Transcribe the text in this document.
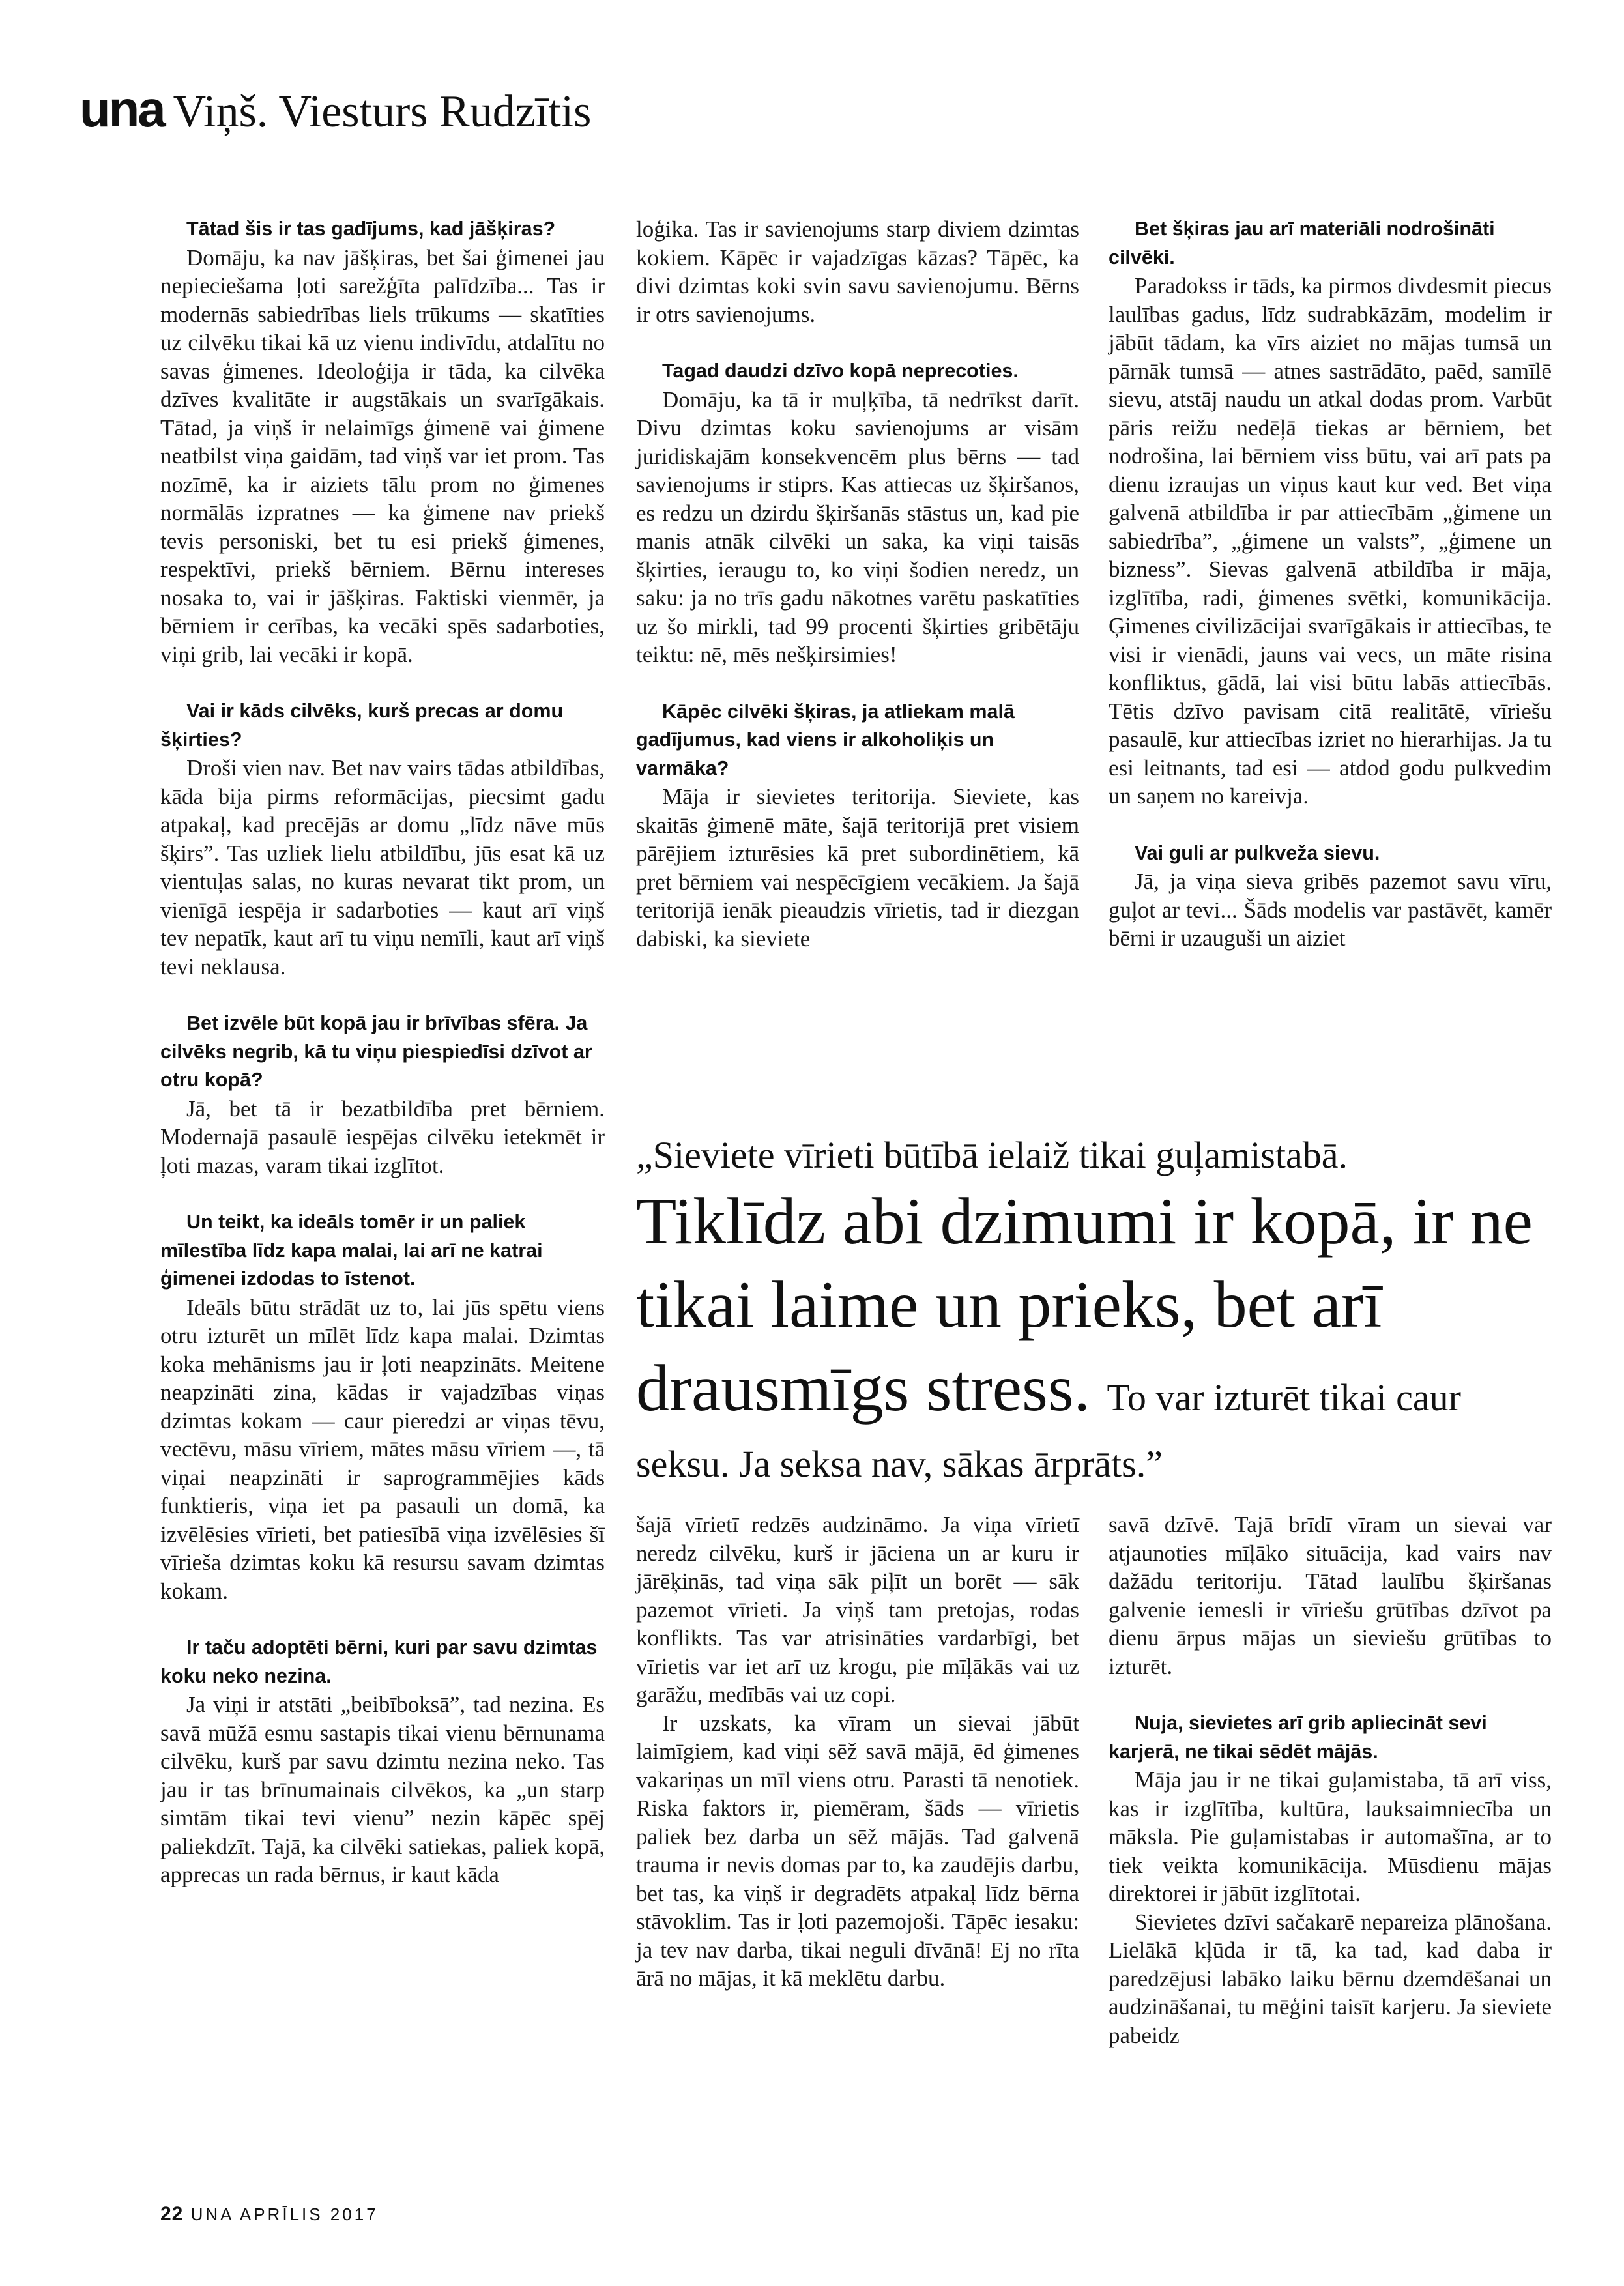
una Viņš. Viesturs Rudzītis
Tātad šis ir tas gadījums, kad jāšķiras?

Domāju, ka nav jāšķiras, bet šai ģimenei jau nepieciešama ļoti sarežģīta palīdzība... Tas ir modernās sabiedrības liels trūkums — skatīties uz cilvēku tikai kā uz vienu indivīdu, atdalītu no savas ģimenes. Ideoloģija ir tāda, ka cilvēka dzīves kvalitāte ir augstākais un svarīgākais. Tātad, ja viņš ir nelaimīgs ģimenē vai ģimene neatbilst viņa gaidām, tad viņš var iet prom. Tas nozīmē, ka ir aiziets tālu prom no ģimenes normālās izpratnes — ka ģimene nav priekš tevis personiski, bet tu esi priekš ģimenes, respektīvi, priekš bērniem. Bērnu intereses nosaka to, vai ir jāšķiras. Faktiski vienmēr, ja bērniem ir cerības, ka vecāki spēs sadarboties, viņi grib, lai vecāki ir kopā.

Vai ir kāds cilvēks, kurš precas ar domu šķirties?

Droši vien nav. Bet nav vairs tādas atbildības, kāda bija pirms reformācijas, piecsimt gadu atpakaļ, kad precējās ar domu „līdz nāve mūs šķirs”. Tas uzliek lielu atbildību, jūs esat kā uz vientuļas salas, no kuras nevarat tikt prom, un vienīgā iespēja ir sadarboties — kaut arī viņš tev nepatīk, kaut arī tu viņu nemīli, kaut arī viņš tevi neklausa.

Bet izvēle būt kopā jau ir brīvības sfēra. Ja cilvēks negrib, kā tu viņu piespiedīsi dzīvot ar otru kopā?

Jā, bet tā ir bezatbildība pret bērniem. Modernajā pasaulē iespējas cilvēku ietekmēt ir ļoti mazas, varam tikai izglītot.

Un teikt, ka ideāls tomēr ir un paliek mīlestība līdz kapa malai, lai arī ne katrai ģimenei izdodas to īstenot.

Ideāls būtu strādāt uz to, lai jūs spētu viens otru izturēt un mīlēt līdz kapa malai. Dzimtas koka mehānisms jau ir ļoti neapzināts. Meitene neapzināti zina, kādas ir vajadzības viņas dzimtas kokam — caur pieredzi ar viņas tēvu, vectēvu, māsu vīriem, mātes māsu vīriem —, tā viņai neapzināti ir saprogrammējies kāds funktieris, viņa iet pa pasauli un domā, ka izvēlēsies vīrieti, bet patiesībā viņa izvēlēsies šī vīrieša dzimtas koku kā resursu savam dzimtas kokam.

Ir taču adoptēti bērni, kuri par savu dzimtas koku neko nezina.

Ja viņi ir atstāti „beibīboksā”, tad nezina. Es savā mūžā esmu sastapis tikai vienu bērnunama cilvēku, kurš par savu dzimtu nezina neko. Tas jau ir tas brīnumainais cilvēkos, ka „un starp simtām tikai tevi vienu” nezin kāpēc spēj paliekdzīt. Tajā, ka cilvēki satiekas, paliek kopā, apprecas un rada bērnus, ir kaut kāda

loģika. Tas ir savienojums starp diviem dzimtas kokiem. Kāpēc ir vajadzīgas kāzas? Tāpēc, ka divi dzimtas koki svin savu savienojumu. Bērns ir otrs savienojums.

Tagad daudzi dzīvo kopā neprecoties.

Domāju, ka tā ir muļķība, tā nedrīkst darīt. Divu dzimtas koku savienojums ar visām juridiskajām konsekvencēm plus bērns — tad savienojums ir stiprs. Kas attiecas uz šķiršanos, es redzu un dzirdu šķiršanās stāstus un, kad pie manis atnāk cilvēki un saka, ka viņi taisās šķirties, ieraugu to, ko viņi šodien neredz, un saku: ja no trīs gadu nākotnes varētu paskatīties uz šo mirkli, tad 99 procenti šķirties gribētāju teiktu: nē, mēs nešķirsimies!

Kāpēc cilvēki šķiras, ja atliekam malā gadījumus, kad viens ir alkoholiķis un varmāka?

Māja ir sievietes teritorija. Sieviete, kas skaitās ģimenē māte, šajā teritorijā pret visiem pārējiem izturēsies kā pret subordinētiem, kā pret bērniem vai nespēcīgiem vecākiem. Ja šajā teritorijā ienāk pieaudzis vīrietis, tad ir diezgan dabiski, ka sieviete

Bet šķiras jau arī materiāli nodrošināti cilvēki.

Paradokss ir tāds, ka pirmos divdesmit piecus laulības gadus, līdz sudrabkāzām, modelim ir jābūt tādam, ka vīrs aiziet no mājas tumsā un pārnāk tumsā — atnes sastrādāto, paēd, samīlē sievu, atstāj naudu un atkal dodas prom. Varbūt pāris reižu nedēļā tiekas ar bērniem, bet nodrošina, lai bērniem viss būtu, vai arī pats pa dienu izraujas un viņus kaut kur ved. Bet viņa galvenā atbildība ir par attiecībām „ģimene un sabiedrība”, „ģimene un valsts”, „ģimene un bizness”. Sievas galvenā atbildība ir māja, izglītība, radi, ģimenes svētki, komunikācija. Ģimenes civilizācijai svarīgākais ir attiecības, te visi ir vienādi, jauns vai vecs, un māte risina konfliktus, gādā, lai visi būtu labās attiecībās. Tētis dzīvo pavisam citā realitātē, vīriešu pasaulē, kur attiecības izriet no hierarhijas. Ja tu esi leitnants, tad esi — atdod godu pulkvedim un saņem no kareivja.

Vai guli ar pulkveža sievu.

Jā, ja viņa sieva gribēs pazemot savu vīru, guļot ar tevi... Šāds modelis var pastāvēt, kamēr bērni ir uzauguši un aiziet

„Sieviete vīrieti būtībā ielaiž tikai guļamistabā.
Tiklīdz abi dzimumi ir kopā, ir ne
tikai laime un prieks, bet arī
drausmīgs stress. To var izturēt tikai caur
seksu. Ja seksa nav, sākas ārprāts.”

šajā vīrietī redzēs audzināmo. Ja viņa vīrietī neredz cilvēku, kurš ir jāciena un ar kuru ir jārēķinās, tad viņa sāk piļīt un borēt — sāk pazemot vīrieti. Ja viņš tam pretojas, rodas konflikts. Tas var atrisināties vardarbīgi, bet vīrietis var iet arī uz krogu, pie mīļākās vai uz garāžu, medībās vai uz copi.

Ir uzskats, ka vīram un sievai jābūt laimīgiem, kad viņi sēž savā mājā, ēd ģimenes vakariņas un mīl viens otru. Parasti tā nenotiek. Riska faktors ir, piemēram, šāds — vīrietis paliek bez darba un sēž mājās. Tad galvenā trauma ir nevis domas par to, ka zaudējis darbu, bet tas, ka viņš ir degradēts atpakaļ līdz bērna stāvoklim. Tas ir ļoti pazemojoši. Tāpēc iesaku: ja tev nav darba, tikai neguli dīvānā! Ej no rīta ārā no mājas, it kā meklētu darbu.

savā dzīvē. Tajā brīdī vīram un sievai var atjaunoties mīļāko situācija, kad vairs nav dažādu teritoriju. Tātad laulību šķiršanas galvenie iemesli ir vīriešu grūtības dzīvot pa dienu ārpus mājas un sieviešu grūtības to izturēt.

Nuja, sievietes arī grib apliecināt sevi karjerā, ne tikai sēdēt mājās.

Māja jau ir ne tikai guļamistaba, tā arī viss, kas ir izglītība, kultūra, lauksaimniecība un māksla. Pie guļamistabas ir automašīna, ar to tiek veikta komunikācija. Mūsdienu mājas direktorei ir jābūt izglītotai.

Sievietes dzīvi sačakarē nepareiza plānošana. Lielākā kļūda ir tā, ka tad, kad daba ir paredzējusi labāko laiku bērnu dzemdēšanai un audzināšanai, tu mēģini taisīt karjeru. Ja sieviete pabeidz

22 UNA APRĪLIS 2017
